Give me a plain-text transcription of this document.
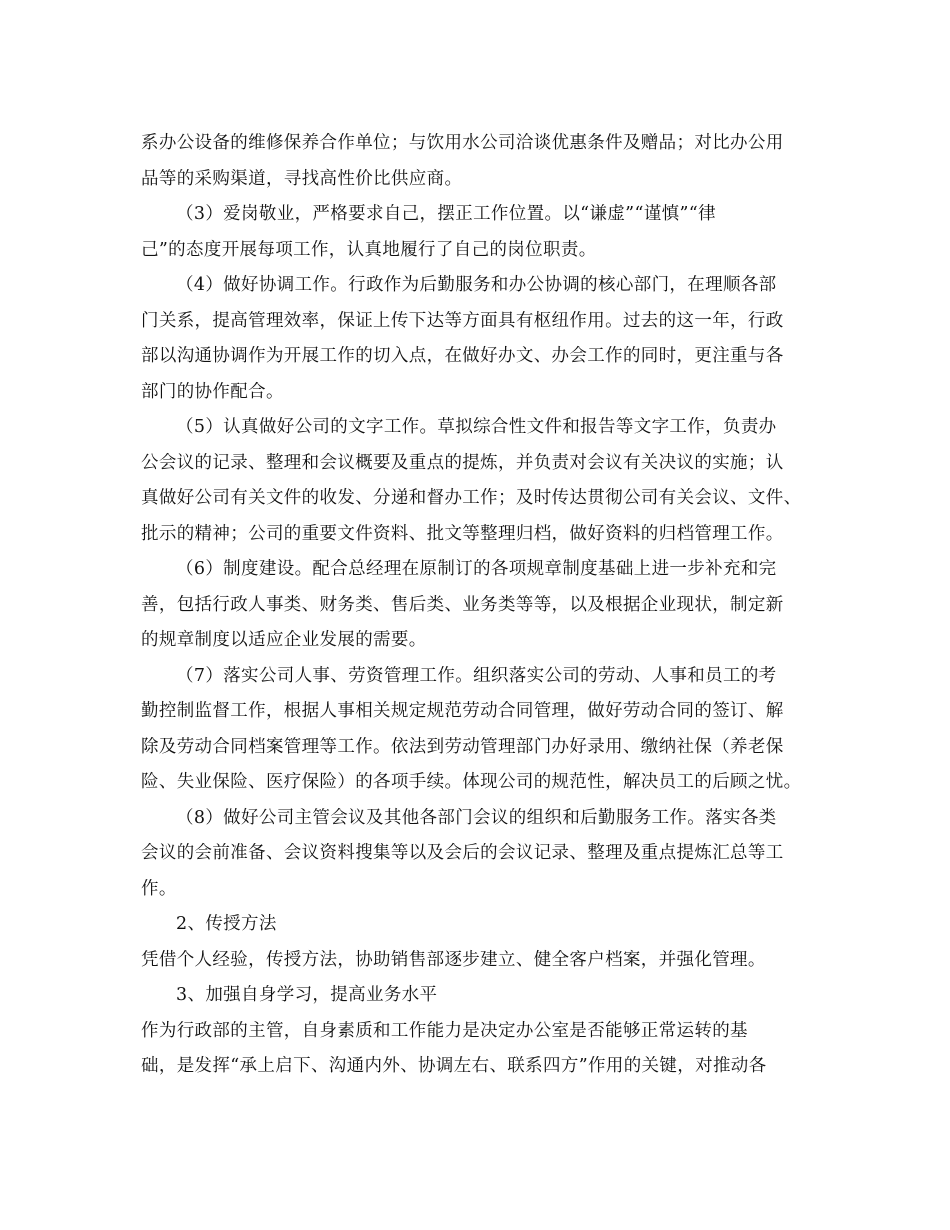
系办公设备的维修保养合作单位；与饮用水公司洽谈优惠条件及赠品；对比办公用
品等的采购渠道，寻找高性价比供应商。
（3）爱岗敬业，严格要求自己，摆正工作位置。以“谦虚”“谨慎”“律
己”的态度开展每项工作，认真地履行了自己的岗位职责。
（4）做好协调工作。行政作为后勤服务和办公协调的核心部门，在理顺各部
门关系，提高管理效率，保证上传下达等方面具有枢纽作用。过去的这一年，行政
部以沟通协调作为开展工作的切入点，在做好办文、办会工作的同时，更注重与各
部门的协作配合。
（5）认真做好公司的文字工作。草拟综合性文件和报告等文字工作，负责办
公会议的记录、整理和会议概要及重点的提炼，并负责对会议有关决议的实施；认
真做好公司有关文件的收发、分递和督办工作；及时传达贯彻公司有关会议、文件、
批示的精神；公司的重要文件资料、批文等整理归档，做好资料的归档管理工作。
（6）制度建设。配合总经理在原制订的各项规章制度基础上进一步补充和完
善，包括行政人事类、财务类、售后类、业务类等等，以及根据企业现状，制定新
的规章制度以适应企业发展的需要。
（7）落实公司人事、劳资管理工作。组织落实公司的劳动、人事和员工的考
勤控制监督工作，根据人事相关规定规范劳动合同管理，做好劳动合同的签订、解
除及劳动合同档案管理等工作。依法到劳动管理部门办好录用、缴纳社保（养老保
险、失业保险、医疗保险）的各项手续。体现公司的规范性，解决员工的后顾之忧。
（8）做好公司主管会议及其他各部门会议的组织和后勤服务工作。落实各类
会议的会前准备、会议资料搜集等以及会后的会议记录、整理及重点提炼汇总等工
作。
2、传授方法
凭借个人经验，传授方法，协助销售部逐步建立、健全客户档案，并强化管理。
3、加强自身学习，提高业务水平
作为行政部的主管，自身素质和工作能力是决定办公室是否能够正常运转的基
础，是发挥“承上启下、沟通内外、协调左右、联系四方”作用的关键，对推动各
